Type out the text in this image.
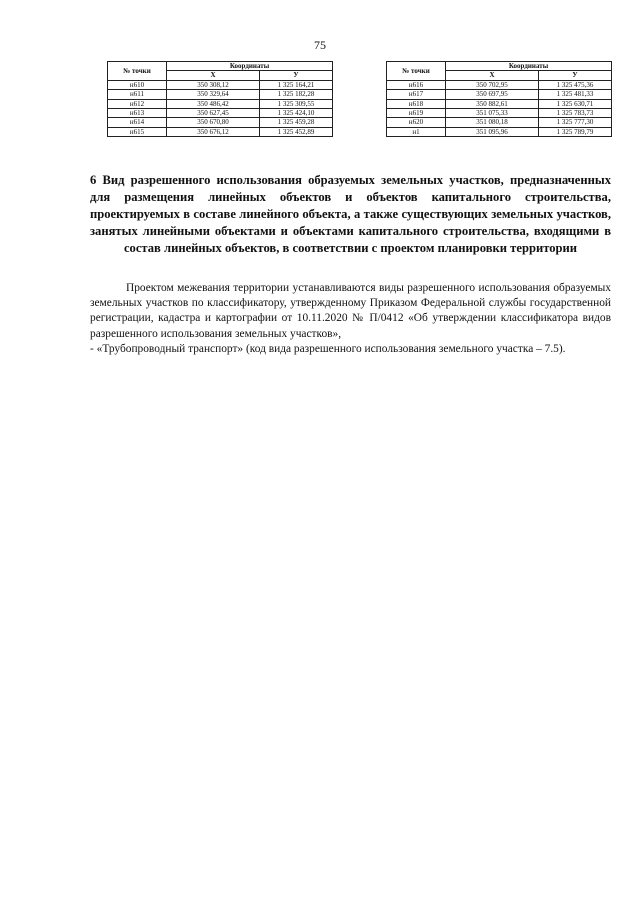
75
№ точки	Координаты	
	X	У
н610	350 308,12	1 325 164,21
н611	350 329,64	1 325 182,28
н612	350 486,42	1 325 309,55
н613	350 627,45	1 325 424,10
н614	350 670,80	1 325 459,28
н615	350 676,12	1 325 452,89
№ точки	Координаты	
	X	У
н616	350 702,95	1 325 475,36
н617	350 697,95	1 325 481,33
н618	350 882,61	1 325 630,71
н619	351 075,33	1 325 783,73
н620	351 080,18	1 325 777,30
н1	351 095,96	1 325 789,79
6 Вид разрешенного использования образуемых земельных участков, предназначенных для размещения линейных объектов и объектов капитального строительства, проектируемых в составе линейного объекта, а также существующих земельных участков, занятых линейными объектами и объектами капитального строительства, входящими в состав линейных объектов, в соответствии с проектом планировки территории

Проектом межевания территории устанавливаются виды разрешенного использования образуемых земельных участков по классификатору, утвержденному Приказом Федеральной службы государственной регистрации, кадастра и картографии от 10.11.2020 № П/0412 «Об утверждении классификатора видов разрешенного использования земельных участков»,

- «Трубопроводный транспорт» (код вида разрешенного использования земельного участка – 7.5).
